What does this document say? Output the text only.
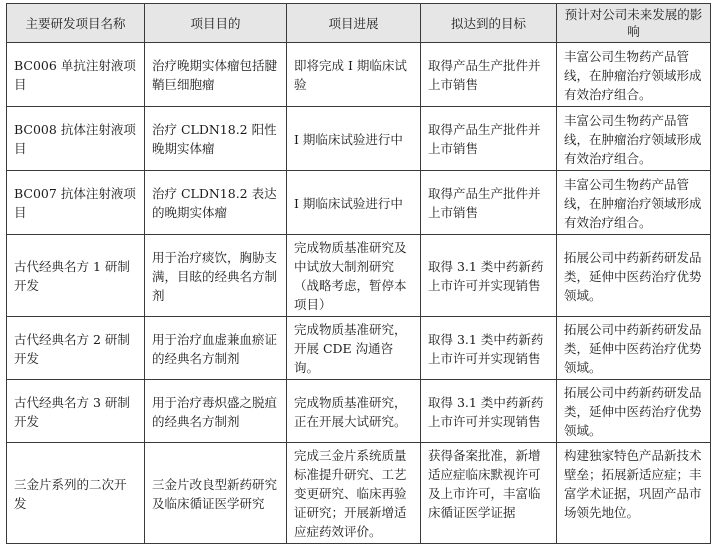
主要研发项目名称	项目目的	项目进展	拟达到的目标	预计对公司未来发展的影响
BC006 单抗注射液项目	治疗晚期实体瘤包括腱鞘巨细胞瘤	即将完成 I 期临床试验	取得产品生产批件并上市销售	丰富公司生物药产品管线，在肿瘤治疗领域形成有效治疗组合。
BC008 抗体注射液项目	治疗 CLDN18.2 阳性晚期实体瘤	I 期临床试验进行中	取得产品生产批件并上市销售	丰富公司生物药产品管线，在肿瘤治疗领域形成有效治疗组合。
BC007 抗体注射液项目	治疗 CLDN18.2 表达的晚期实体瘤	I 期临床试验进行中	取得产品生产批件并上市销售	丰富公司生物药产品管线，在肿瘤治疗领域形成有效治疗组合。
古代经典名方 1 研制开发	用于治疗痰饮，胸胁支满，目眩的经典名方制剂	完成物质基准研究及中试放大制剂研究（战略考虑，暂停本项目）	取得 3.1 类中药新药上市许可并实现销售	拓展公司中药新药研发品类，延伸中医药治疗优势领域。
古代经典名方 2 研制开发	用于治疗血虚兼血瘀证的经典名方制剂	完成物质基准研究，开展 CDE 沟通咨询。	取得 3.1 类中药新药上市许可并实现销售	拓展公司中药新药研发品类，延伸中医药治疗优势领域。
古代经典名方 3 研制开发	用于治疗毒炽盛之脱疽的经典名方制剂	完成物质基准研究，正在开展大试研究。	取得 3.1 类中药新药上市许可并实现销售	拓展公司中药新药研发品类，延伸中医药治疗优势领域。
三金片系列的二次开发	三金片改良型新药研究及临床循证医学研究	完成三金片系统质量标准提升研究、工艺变更研究、临床再验证研究；开展新增适应症药效评价。	获得备案批准，新增适应症临床默视许可及上市许可，丰富临床循证医学证据	构建独家特色产品新技术壁垒；拓展新适应症；丰富学术证据，巩固产品市场领先地位。
